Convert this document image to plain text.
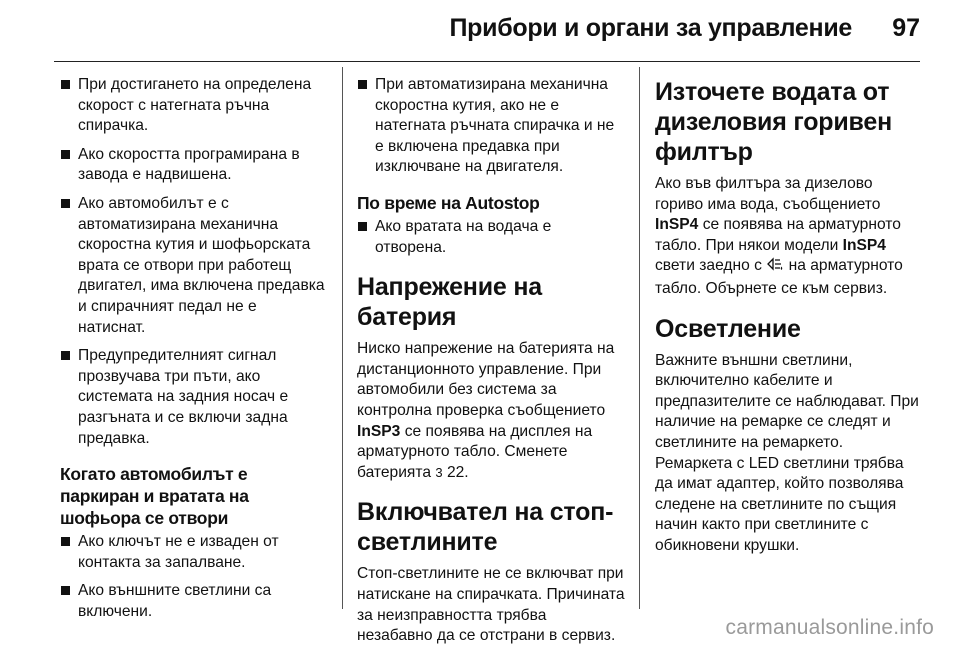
Прибори и органи за управление 97
При достигането на определена скорост с натегната ръчна спирачка.
Ако скоростта програмирана в завода е надвишена.
Ако автомобилът е с автоматизирана механична скоростна кутия и шофьорската врата се отвори при работещ двигател, има включена предавка и спирачният педал не е натиснат.
Предупредителният сигнал прозвучава три пъти, ако системата на задния носач е разгъната и се включи задна предавка.
Когато автомобилът е паркиран и вратата на шофьора се отвори
Ако ключът не е изваден от контакта за запалване.
Ако външните светлини са включени.
При автоматизирана механична скоростна кутия, ако не е натегната ръчната спирачка и не е включена предавка при изключване на двигателя.
По време на Autostop
Ако вратата на водача е отворена.
Напрежение на батерия

Ниско напрежение на батерията на дистанционното управление. При автомобили без система за контролна проверка съобщението InSP3 се появява на дисплея на арматурното табло. Сменете батерията 3 22.

Включвател на стоп-светлините

Стоп-светлините не се включват при натискане на спирачката. Причината за неизправността трябва незабавно да се отстрани в сервиз.

Източете водата от дизеловия горивен филтър

Ако във филтъра за дизелово гориво има вода, съобщението InSP4 се появява на арматурното табло. При някои модели InSP4 свети заедно с на арматурното табло. Обърнете се към сервиз.

Осветление

Важните външни светлини, включително кабелите и предпазителите се наблюдават. При наличие на ремарке се следят и светлините на ремаркето. Ремаркета с LED светлини трябва да имат адаптер, който позволява следене на светлините по същия начин както при светлините с обикновени крушки.

carmanualsonline.info
